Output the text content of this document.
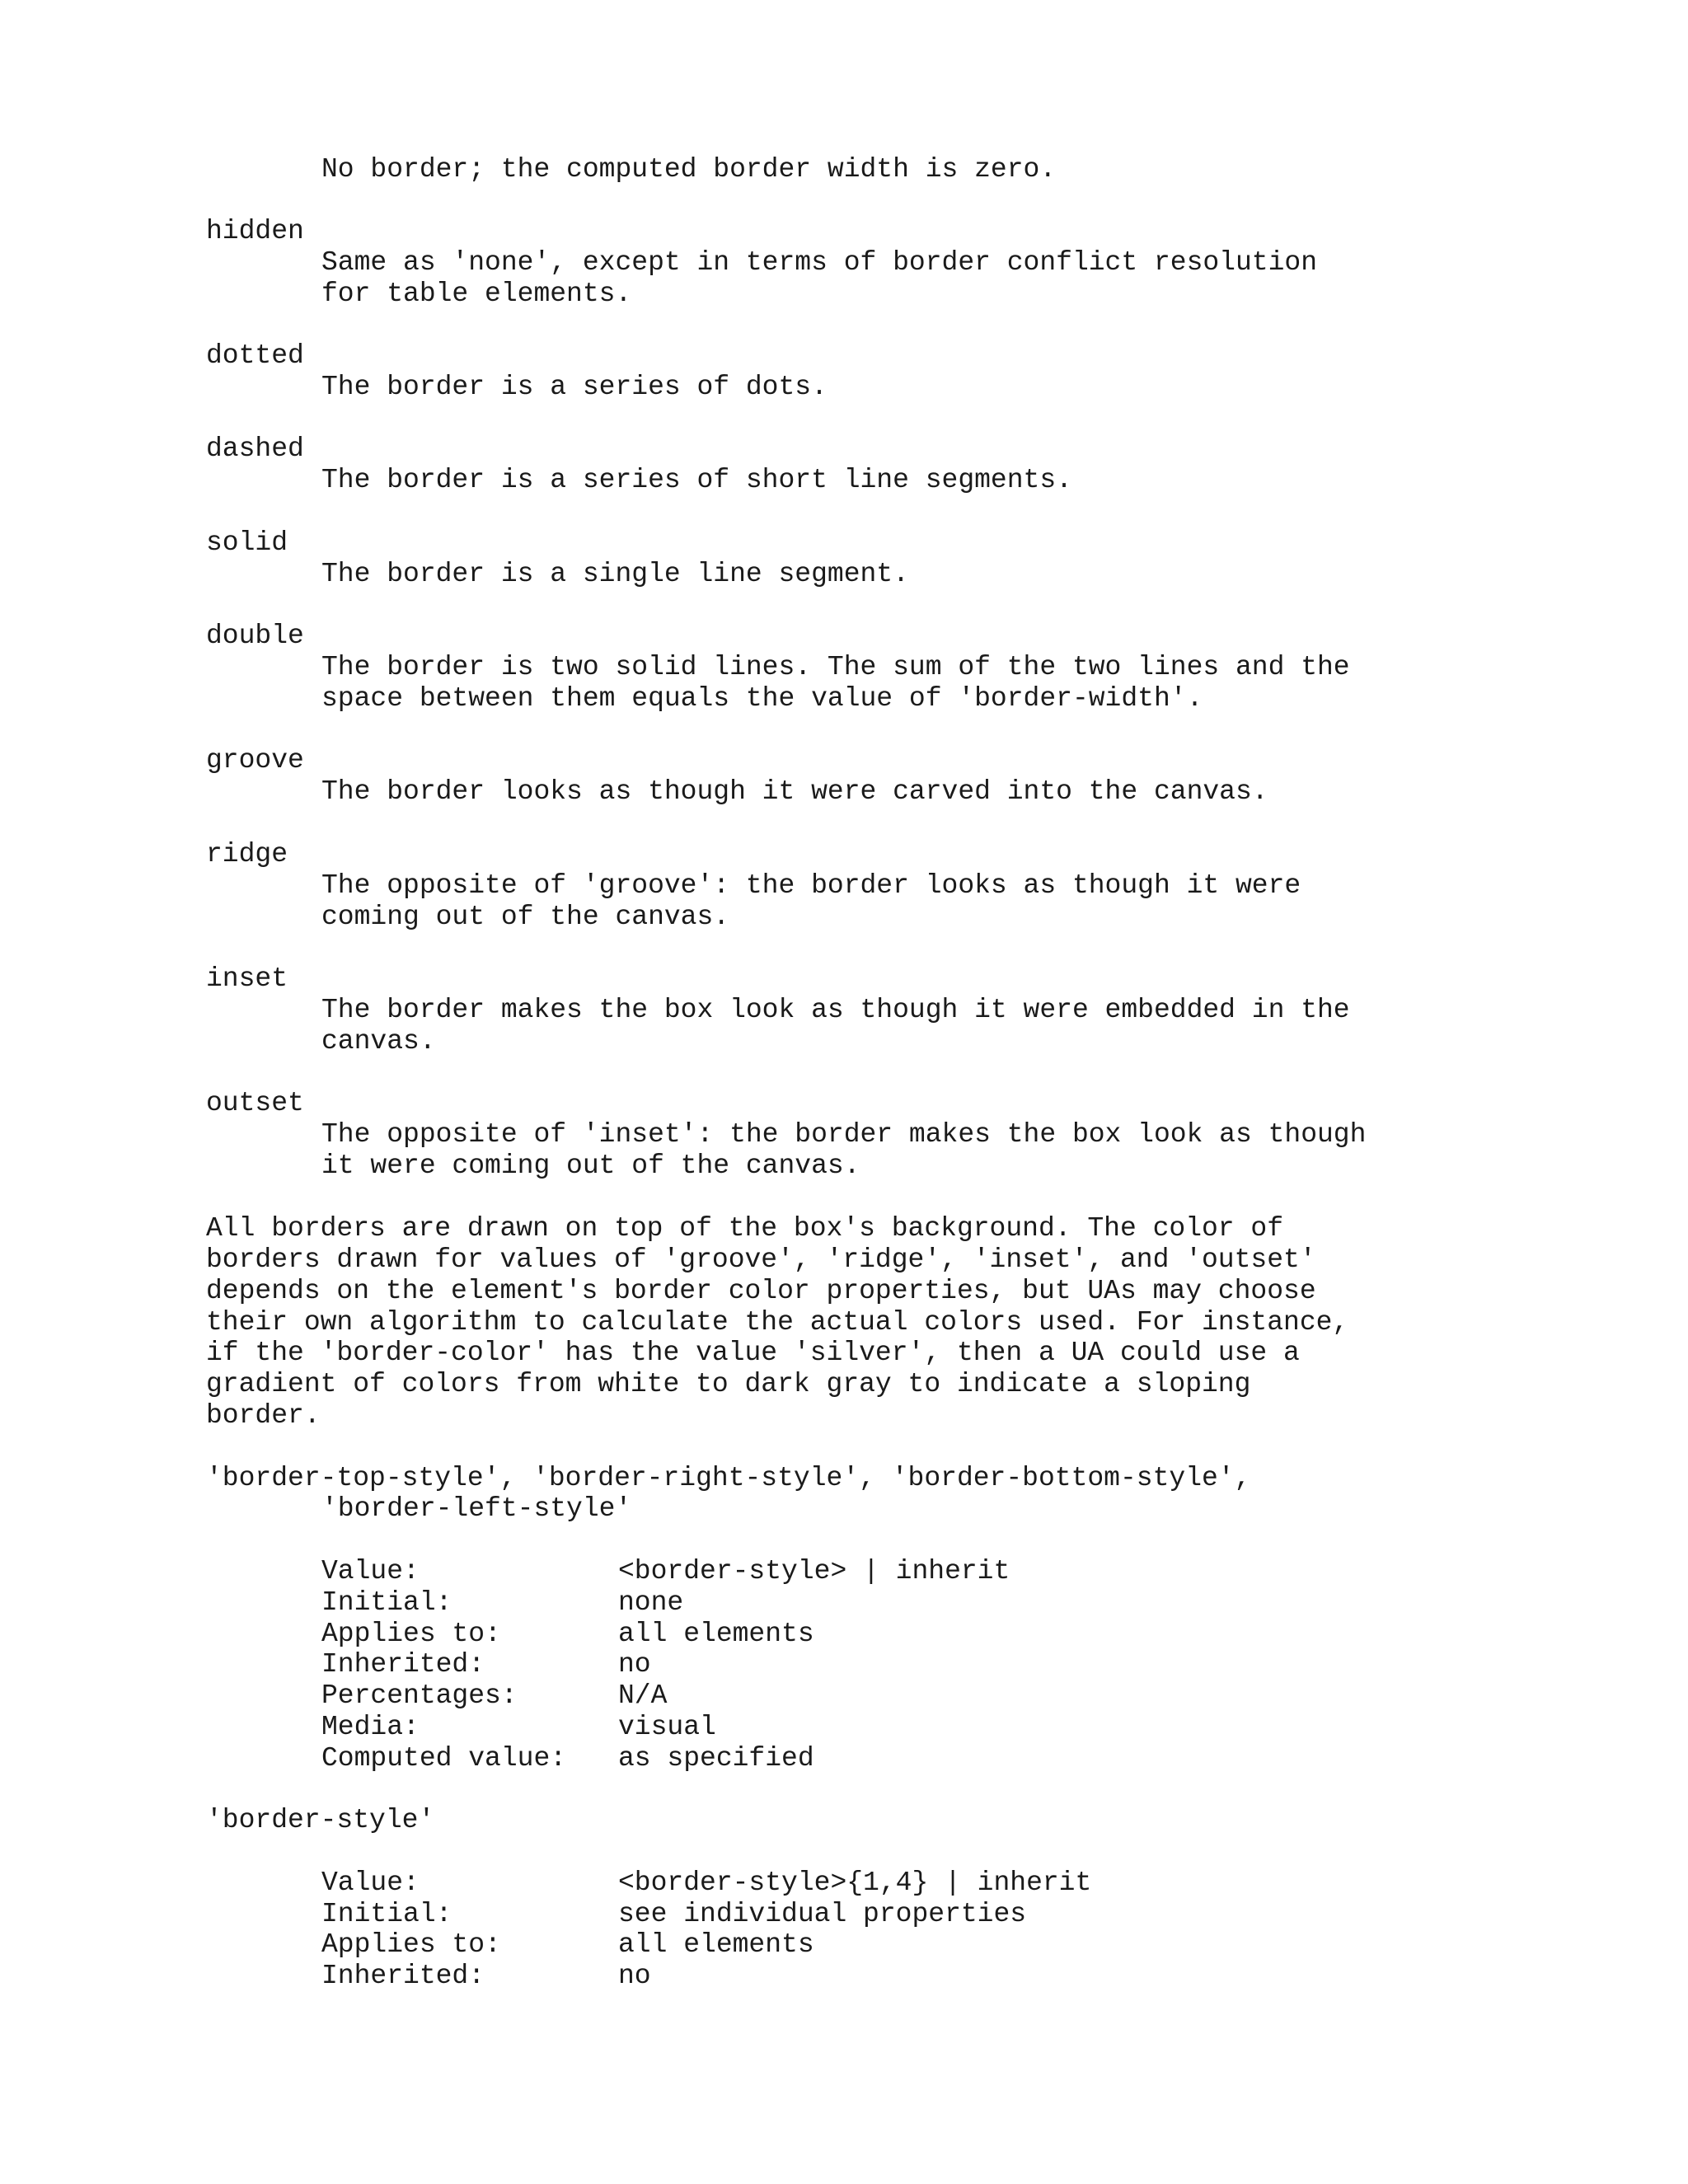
No border; the computed border width is zero.
hidden
Same as 'none', except in terms of border conflict resolution
for table elements.
dotted
The border is a series of dots.
dashed
The border is a series of short line segments.
solid
The border is a single line segment.
double
The border is two solid lines. The sum of the two lines and the
space between them equals the value of 'border-width'.
groove
The border looks as though it were carved into the canvas.
ridge
The opposite of 'groove': the border looks as though it were
coming out of the canvas.
inset
The border makes the box look as though it were embedded in the
canvas.
outset
The opposite of 'inset': the border makes the box look as though
it were coming out of the canvas.
All borders are drawn on top of the box's background. The color of
borders drawn for values of 'groove', 'ridge', 'inset', and 'outset'
depends on the element's border color properties, but UAs may choose
their own algorithm to calculate the actual colors used. For instance,
if the 'border-color' has the value 'silver', then a UA could use a
gradient of colors from white to dark gray to indicate a sloping
border.
'border-top-style', 'border-right-style', 'border-bottom-style',
'border-left-style'
Value:	<border-style> | inherit
Initial:	none
Applies to:	all elements
Inherited:	no
Percentages:	N/A
Media:	visual
Computed value: as specified
'border-style'
Value:	<border-style>{1,4} | inherit
Initial:	see individual properties
Applies to:	all elements
Inherited:	no
